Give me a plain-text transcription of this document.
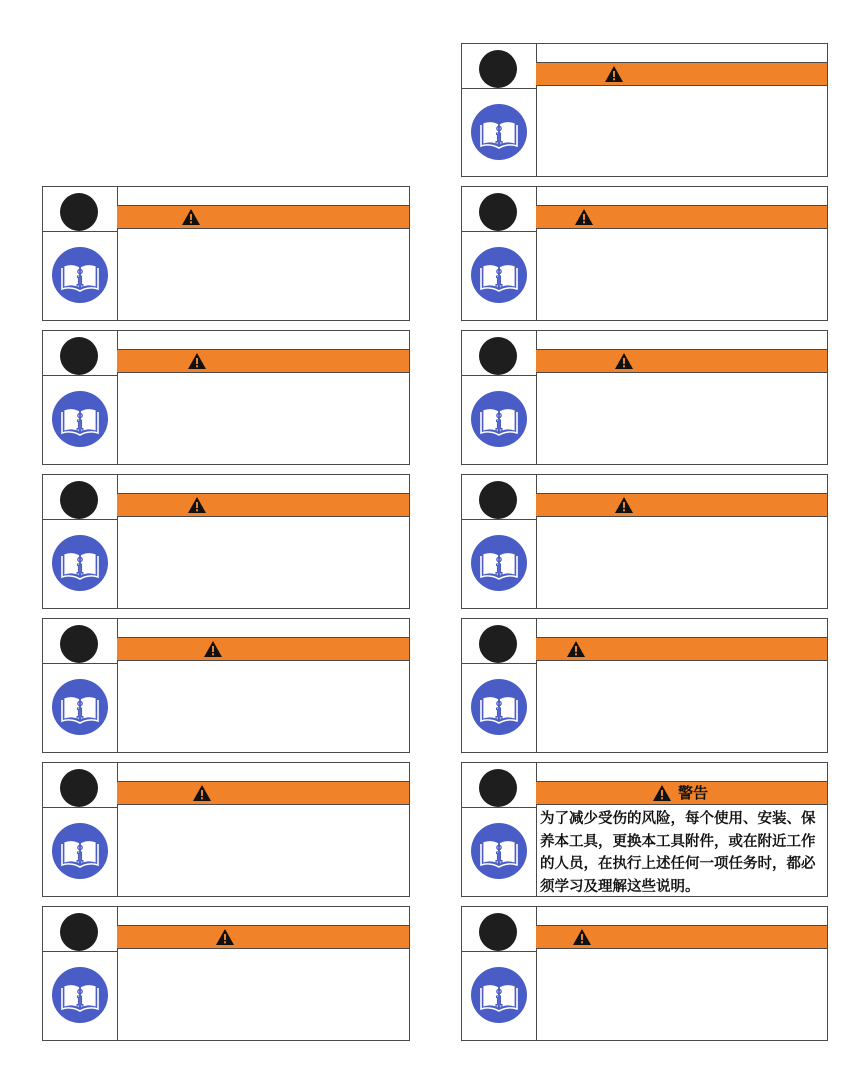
警告
为了减少受伤的风险，每个使用、安装、保养本工具，更换本工具附件，或在附近工作的人员，在执行上述任何一项任务时，都必须学习及理解这些说明。
